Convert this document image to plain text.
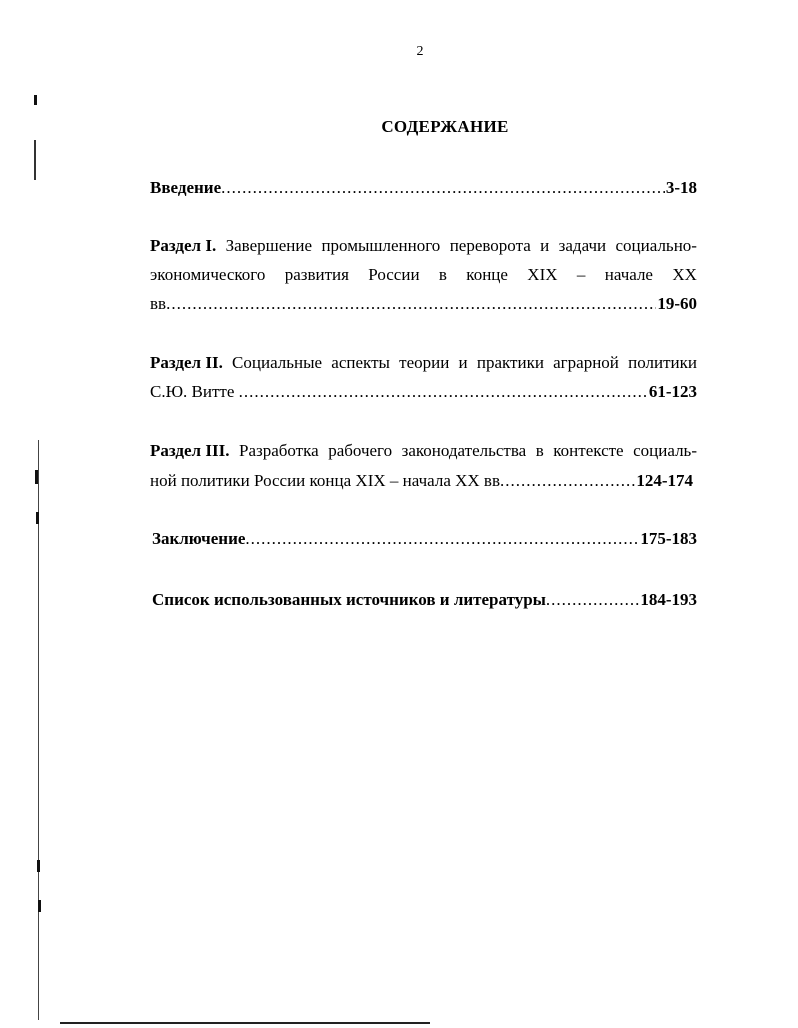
2
СОДЕРЖАНИЕ
Введение .....	3-18
Раздел I. Завершение промышленного переворота и задачи социально-
экономического развития России в конце XIX – начале XX
вв .....	19-60
Раздел II. Социальные аспекты теории и практики аграрной политики
С.Ю. Витте .....	61-123
Раздел III. Разработка рабочего законодательства в контексте социаль-
ной политики России конца XIX – начала XX вв .....	124-174
Заключение .....	175-183
Список использованных источников и литературы .....	184-193
